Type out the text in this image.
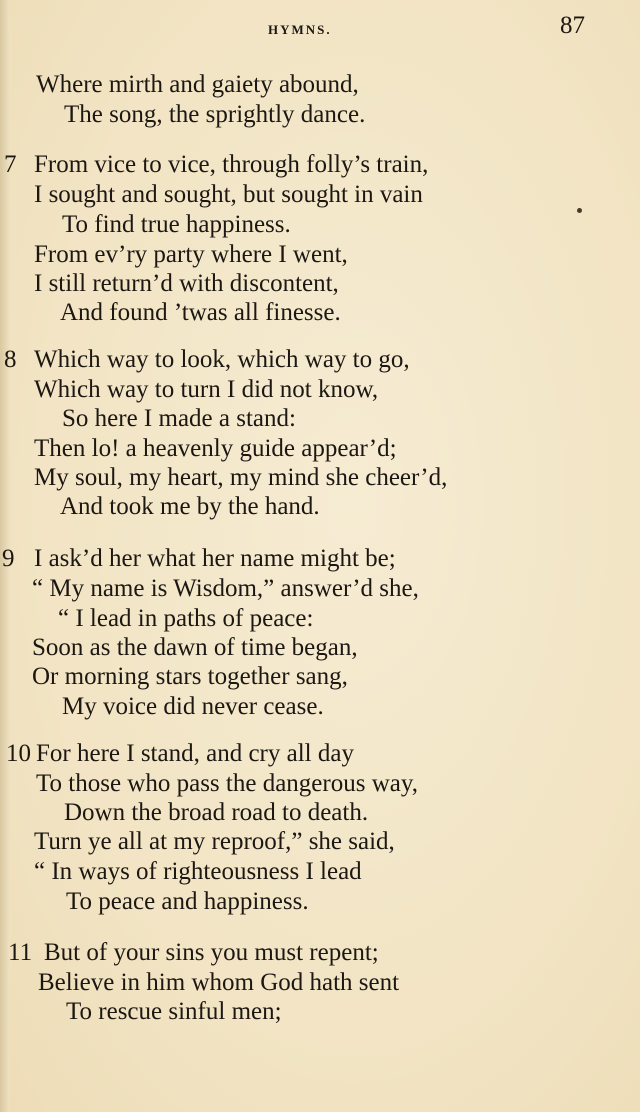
HYMNS.	87
Where mirth and gaiety abound,
The song, the sprightly dance.
7 From vice to vice, through folly’s train,
I sought and sought, but sought in vain
To find true happiness.
From ev’ry party where I went,
I still return’d with discontent,
And found ’twas all finesse.
8 Which way to look, which way to go,
Which way to turn I did not know,
So here I made a stand:
Then lo! a heavenly guide appear’d;
My soul, my heart, my mind she cheer’d,
And took me by the hand.
9 I ask’d her what her name might be;
“ My name is Wisdom,” answer’d she,
“ I lead in paths of peace:
Soon as the dawn of time began,
Or morning stars together sang,
My voice did never cease.
10 For here I stand, and cry all day
To those who pass the dangerous way,
Down the broad road to death.
Turn ye all at my reproof,” she said,
“ In ways of righteousness I lead
To peace and happiness.
11 But of your sins you must repent;
Believe in him whom God hath sent
To rescue sinful men;
